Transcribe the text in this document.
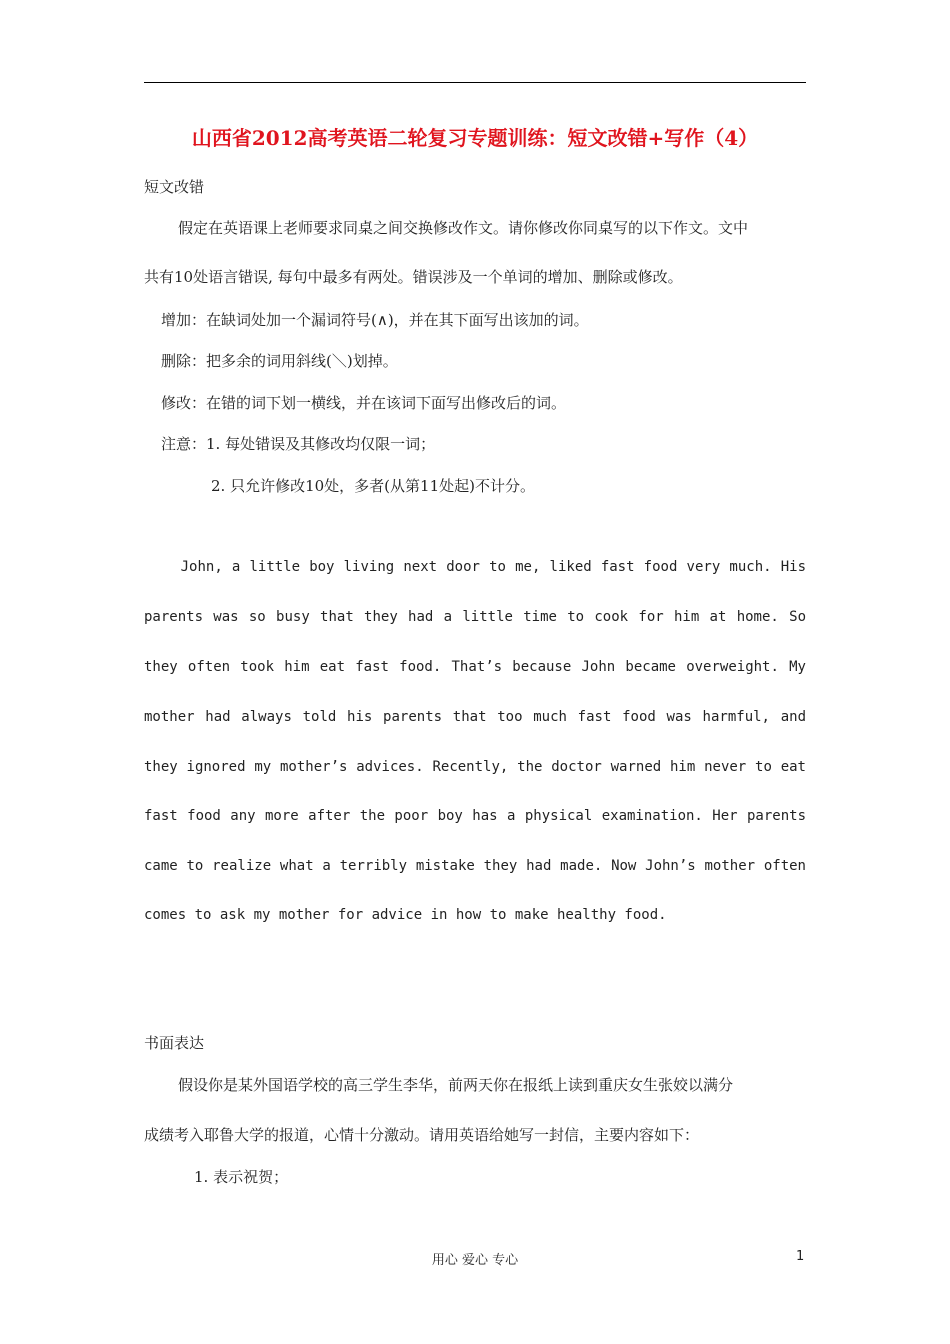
山西省2012高考英语二轮复习专题训练：短文改错+写作（4）
短文改错
假定在英语课上老师要求同桌之间交换修改作文。请你修改你同桌写的以下作文。文中
共有10处语言错误, 每句中最多有两处。错误涉及一个单词的增加、删除或修改。
增加：在缺词处加一个漏词符号(∧)，并在其下面写出该加的词。
删除：把多余的词用斜线(＼)划掉。
修改：在错的词下划一横线，并在该词下面写出修改后的词。
注意：1. 每处错误及其修改均仅限一词；
2. 只允许修改10处，多者(从第11处起)不计分。
John, a little boy living next door to me, liked fast food very much. His
parents was so busy that they had a little time to cook for him at home. So
they often took him eat fast food. That’s because John became overweight. My
mother had always told his parents that too much fast food was harmful, and
they ignored my mother’s advices. Recently, the doctor warned him never to eat
fast food any more after the poor boy has a physical examination. Her parents
came to realize what a terribly mistake they had made. Now John’s mother often
comes to ask my mother for advice in how to make healthy food.
书面表达
假设你是某外国语学校的高三学生李华，前两天你在报纸上读到重庆女生张姣以满分
成绩考入耶鲁大学的报道，心情十分激动。请用英语给她写一封信，主要内容如下：
1. 表示祝贺；
用心 爱心 专心	1
